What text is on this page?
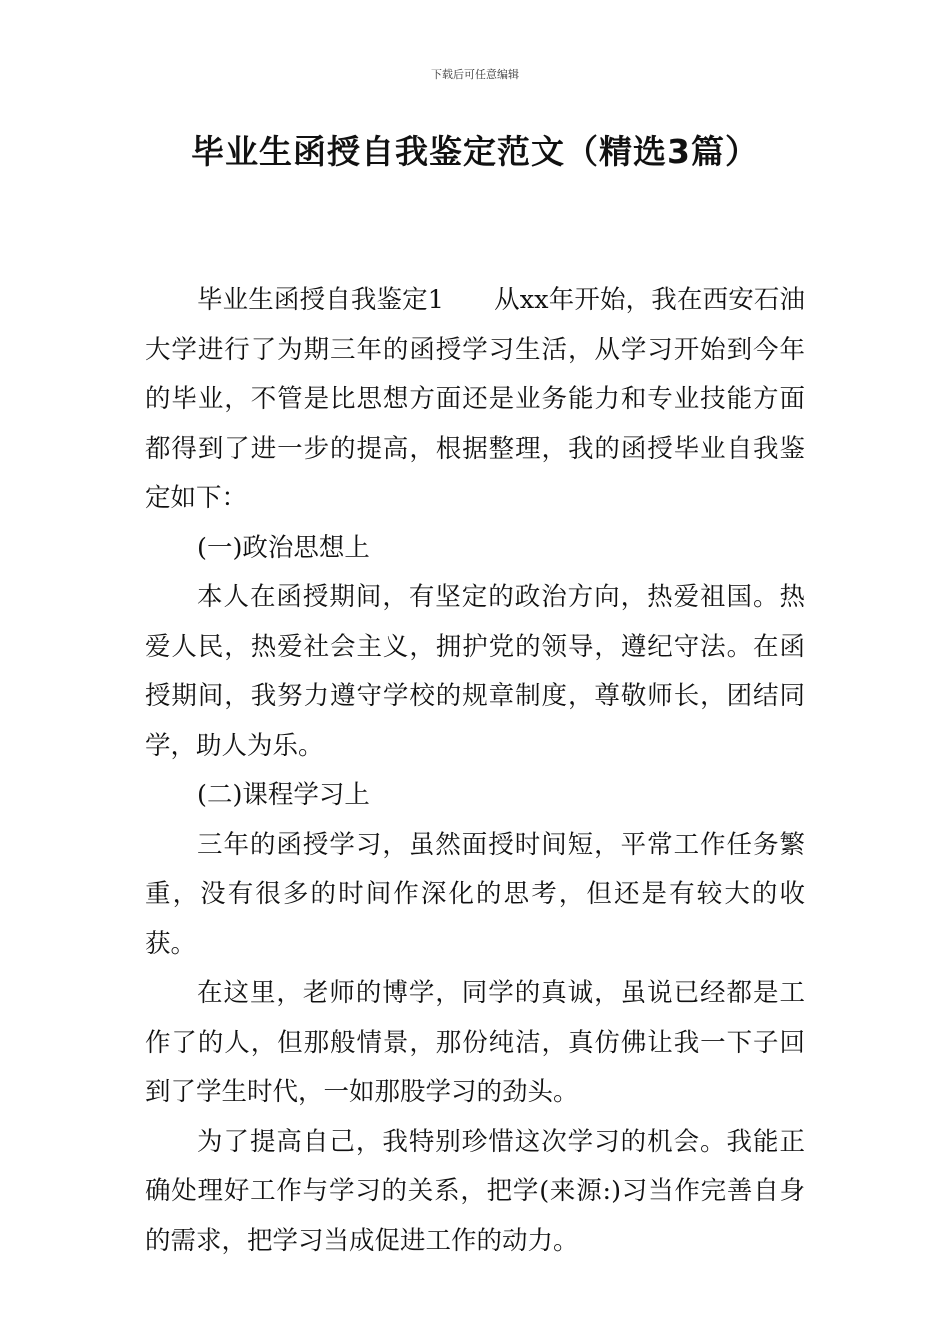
下载后可任意编辑
毕业生函授自我鉴定范文（精选3篇）

毕业生函授自我鉴定1 从xx年开始，我在西安石油大学进行了为期三年的函授学习生活，从学习开始到今年的毕业，不管是比思想方面还是业务能力和专业技能方面都得到了进一步的提高，根据整理，我的函授毕业自我鉴定如下：

(一)政治思想上

本人在函授期间，有坚定的政治方向，热爱祖国。热爱人民，热爱社会主义，拥护党的领导，遵纪守法。在函授期间，我努力遵守学校的规章制度，尊敬师长，团结同学，助人为乐。

(二)课程学习上

三年的函授学习，虽然面授时间短，平常工作任务繁重，没有很多的时间作深化的思考，但还是有较大的收获。

在这里，老师的博学，同学的真诚，虽说已经都是工作了的人，但那般情景，那份纯洁，真仿佛让我一下子回到了学生时代，一如那股学习的劲头。

为了提高自己，我特别珍惜这次学习的机会。我能正确处理好工作与学习的关系，把学(来源:)习当作完善自身的需求，把学习当成促进工作的动力。
